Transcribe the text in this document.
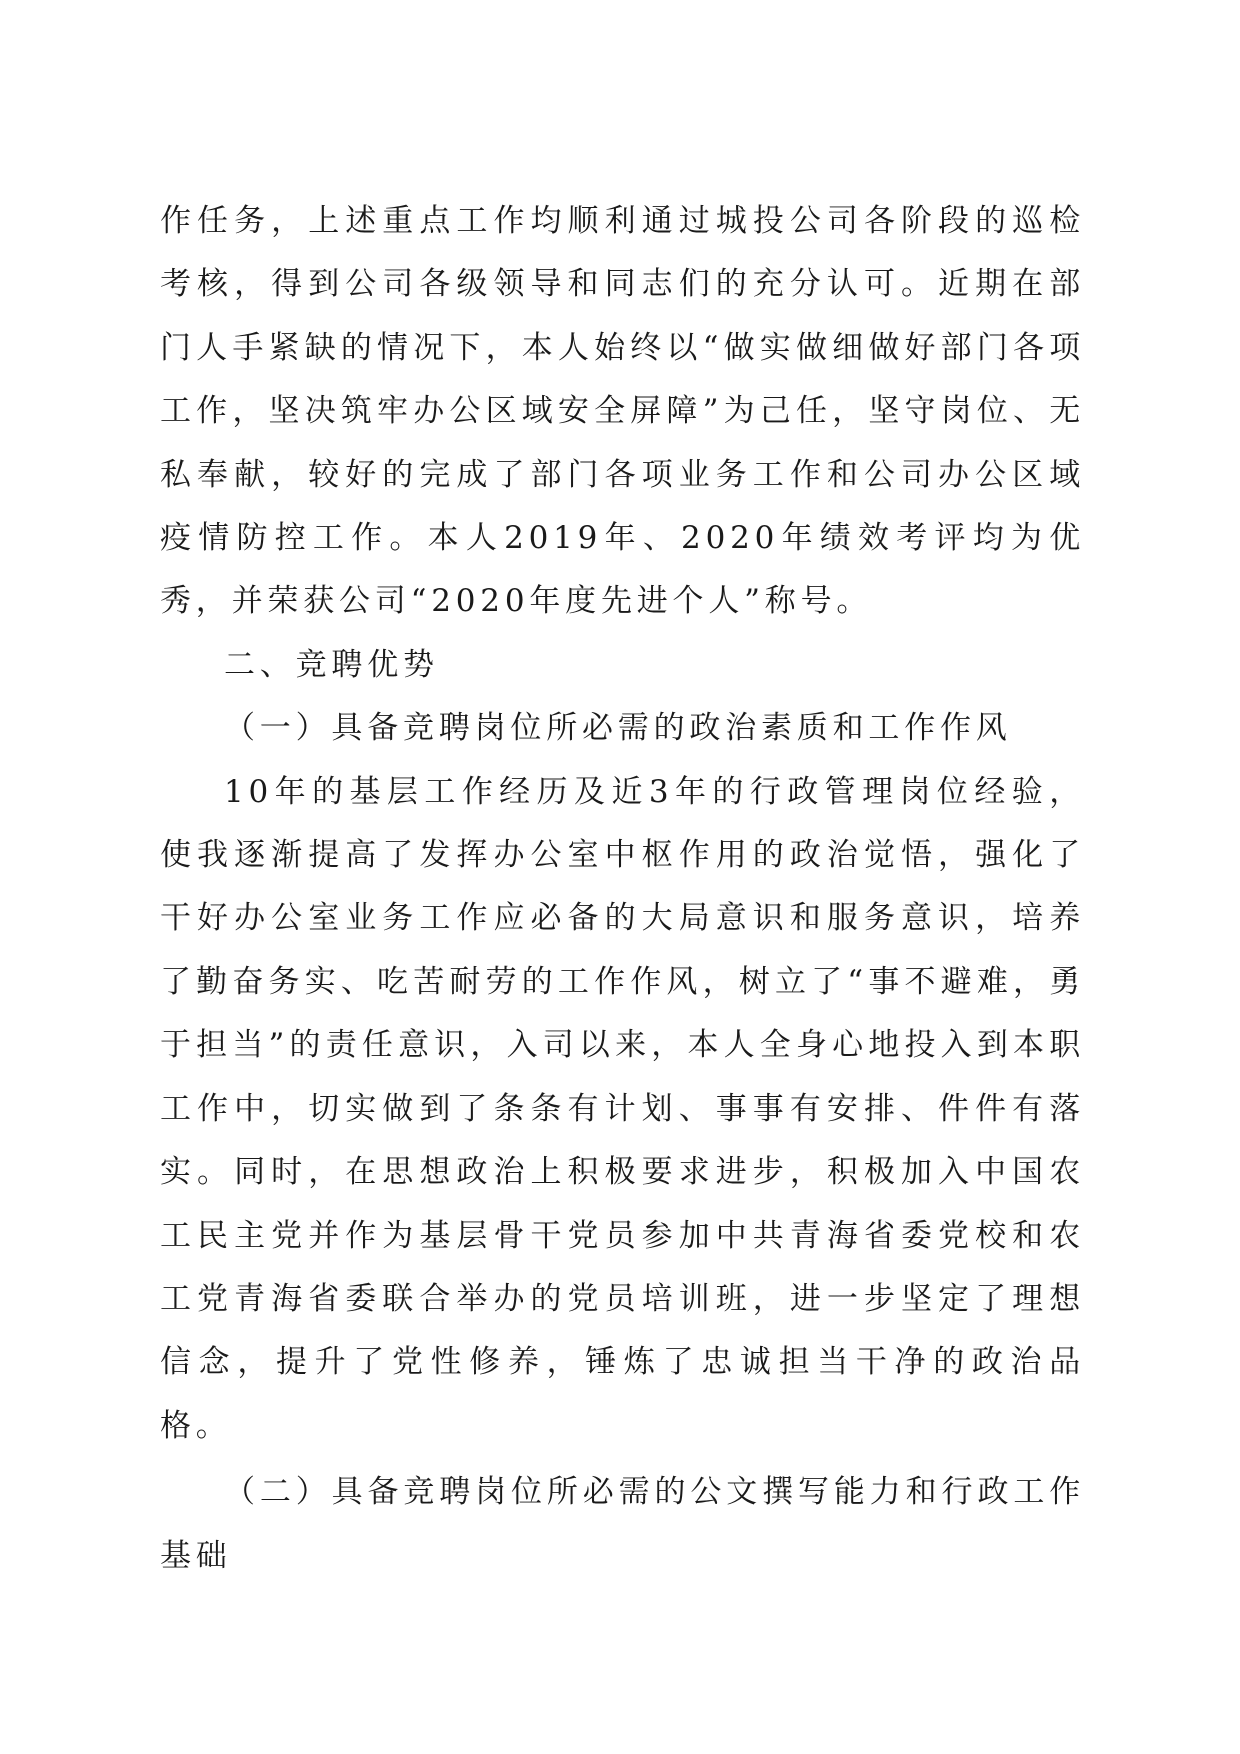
作任务，上述重点工作均顺利通过城投公司各阶段的巡检考核，得到公司各级领导和同志们的充分认可。近期在部门人手紧缺的情况下，本人始终以“做实做细做好部门各项工作，坚决筑牢办公区域安全屏障”为己任，坚守岗位、无私奉献，较好的完成了部门各项业务工作和公司办公区域疫情防控工作。本人2019年、2020年绩效考评均为优秀，并荣获公司“2020年度先进个人”称号。

二、竞聘优势

（一）具备竞聘岗位所必需的政治素质和工作作风

10年的基层工作经历及近3年的行政管理岗位经验，使我逐渐提高了发挥办公室中枢作用的政治觉悟，强化了干好办公室业务工作应必备的大局意识和服务意识，培养了勤奋务实、吃苦耐劳的工作作风，树立了“事不避难，勇于担当”的责任意识，入司以来，本人全身心地投入到本职工作中，切实做到了条条有计划、事事有安排、件件有落实。同时，在思想政治上积极要求进步，积极加入中国农工民主党并作为基层骨干党员参加中共青海省委党校和农工党青海省委联合举办的党员培训班，进一步坚定了理想信念，提升了党性修养，锤炼了忠诚担当干净的政治品格。

（二）具备竞聘岗位所必需的公文撰写能力和行政工作基础
